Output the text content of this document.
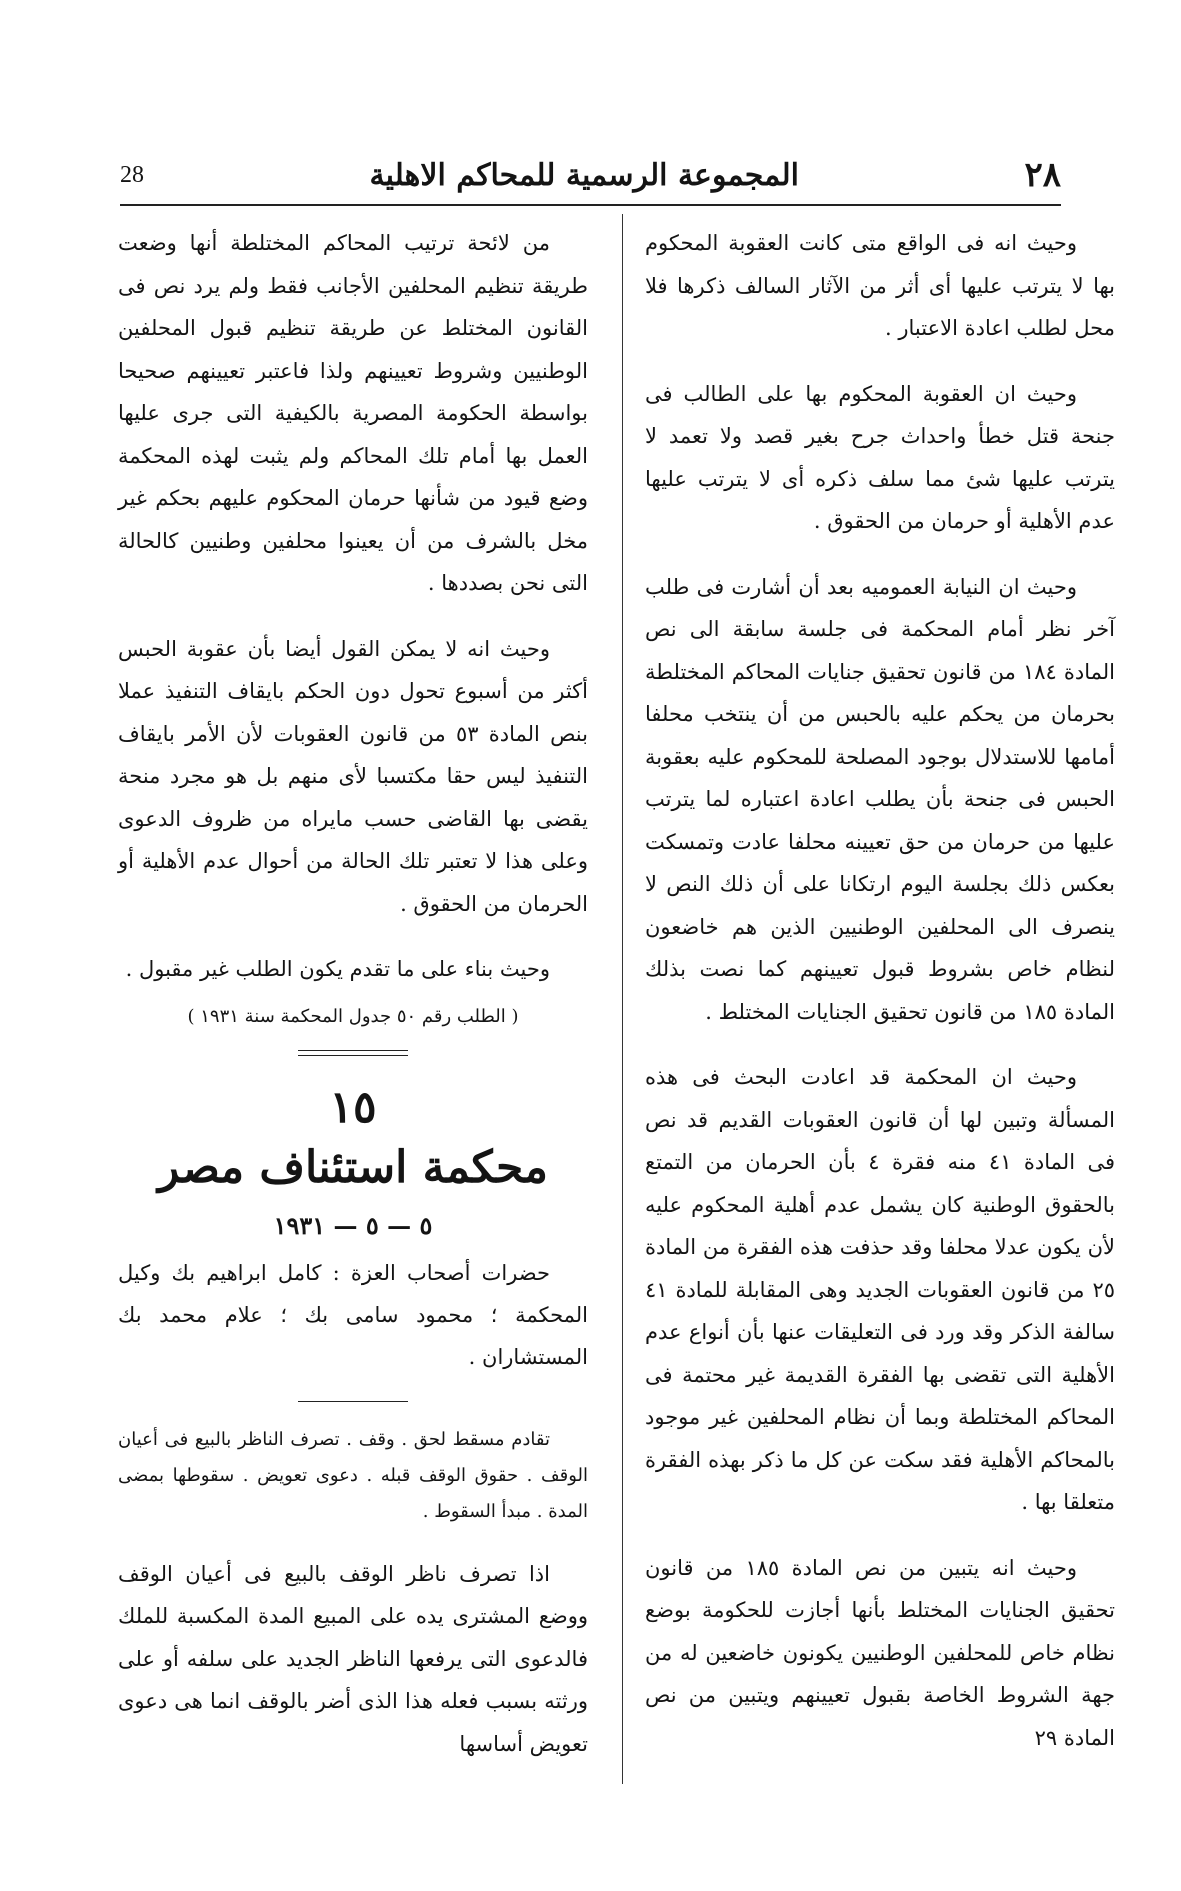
28	المجموعة الرسمية للمحاكم الاهلية	٢٨

وحيث انه فى الواقع متى كانت العقوبة المحكوم بها لا يترتب عليها أى أثر من الآثار السالف ذكرها فلا محل لطلب اعادة الاعتبار .

وحيث ان العقوبة المحكوم بها على الطالب فى جنحة قتل خطأ واحداث جرح بغير قصد ولا تعمد لا يترتب عليها شئ مما سلف ذكره أى لا يترتب عليها عدم الأهلية أو حرمان من الحقوق .

وحيث ان النيابة العموميه بعد أن أشارت فى طلب آخر نظر أمام المحكمة فى جلسة سابقة الى نص المادة ١٨٤ من قانون تحقيق جنايات المحاكم المختلطة بحرمان من يحكم عليه بالحبس من أن ينتخب محلفا أمامها للاستدلال بوجود المصلحة للمحكوم عليه بعقوبة الحبس فى جنحة بأن يطلب اعادة اعتباره لما يترتب عليها من حرمان من حق تعيينه محلفا عادت وتمسكت بعكس ذلك بجلسة اليوم ارتكانا على أن ذلك النص لا ينصرف الى المحلفين الوطنيين الذين هم خاضعون لنظام خاص بشروط قبول تعيينهم كما نصت بذلك المادة ١٨٥ من قانون تحقيق الجنايات المختلط .

وحيث ان المحكمة قد اعادت البحث فى هذه المسألة وتبين لها أن قانون العقوبات القديم قد نص فى المادة ٤١ منه فقرة ٤ بأن الحرمان من التمتع بالحقوق الوطنية كان يشمل عدم أهلية المحكوم عليه لأن يكون عدلا محلفا وقد حذفت هذه الفقرة من المادة ٢٥ من قانون العقوبات الجديد وهى المقابلة للمادة ٤١ سالفة الذكر وقد ورد فى التعليقات عنها بأن أنواع عدم الأهلية التى تقضى بها الفقرة القديمة غير محتمة فى المحاكم المختلطة وبما أن نظام المحلفين غير موجود بالمحاكم الأهلية فقد سكت عن كل ما ذكر بهذه الفقرة متعلقا بها .

وحيث انه يتبين من نص المادة ١٨٥ من قانون تحقيق الجنايات المختلط بأنها أجازت للحكومة بوضع نظام خاص للمحلفين الوطنيين يكونون خاضعين له من جهة الشروط الخاصة بقبول تعيينهم ويتبين من نص المادة ٢٩

من لائحة ترتيب المحاكم المختلطة أنها وضعت طريقة تنظيم المحلفين الأجانب فقط ولم يرد نص فى القانون المختلط عن طريقة تنظيم قبول المحلفين الوطنيين وشروط تعيينهم ولذا فاعتبر تعيينهم صحيحا بواسطة الحكومة المصرية بالكيفية التى جرى عليها العمل بها أمام تلك المحاكم ولم يثبت لهذه المحكمة وضع قيود من شأنها حرمان المحكوم عليهم بحكم غير مخل بالشرف من أن يعينوا محلفين وطنيين كالحالة التى نحن بصددها .

وحيث انه لا يمكن القول أيضا بأن عقوبة الحبس أكثر من أسبوع تحول دون الحكم بايقاف التنفيذ عملا بنص المادة ٥٣ من قانون العقوبات لأن الأمر بايقاف التنفيذ ليس حقا مكتسبا لأى منهم بل هو مجرد منحة يقضى بها القاضى حسب مايراه من ظروف الدعوى وعلى هذا لا تعتبر تلك الحالة من أحوال عدم الأهلية أو الحرمان من الحقوق .

وحيث بناء على ما تقدم يكون الطلب غير مقبول .

( الطلب رقم ٥٠ جدول المحكمة سنة ١٩٣١ )
١٥
محكمة استئناف مصر
٥ — ٥ — ١٩٣١

حضرات أصحاب العزة : كامل ابراهيم بك وكيل المحكمة ؛ محمود سامى بك ؛ علام محمد بك المستشاران .

تقادم مسقط لحق . وقف . تصرف الناظر بالبيع فى أعيان الوقف . حقوق الوقف قبله . دعوى تعويض . سقوطها بمضى المدة . مبدأ السقوط .

اذا تصرف ناظر الوقف بالبيع فى أعيان الوقف ووضع المشترى يده على المبيع المدة المكسبة للملك فالدعوى التى يرفعها الناظر الجديد على سلفه أو على ورثته بسبب فعله هذا الذى أضر بالوقف انما هى دعوى تعويض أساسها
